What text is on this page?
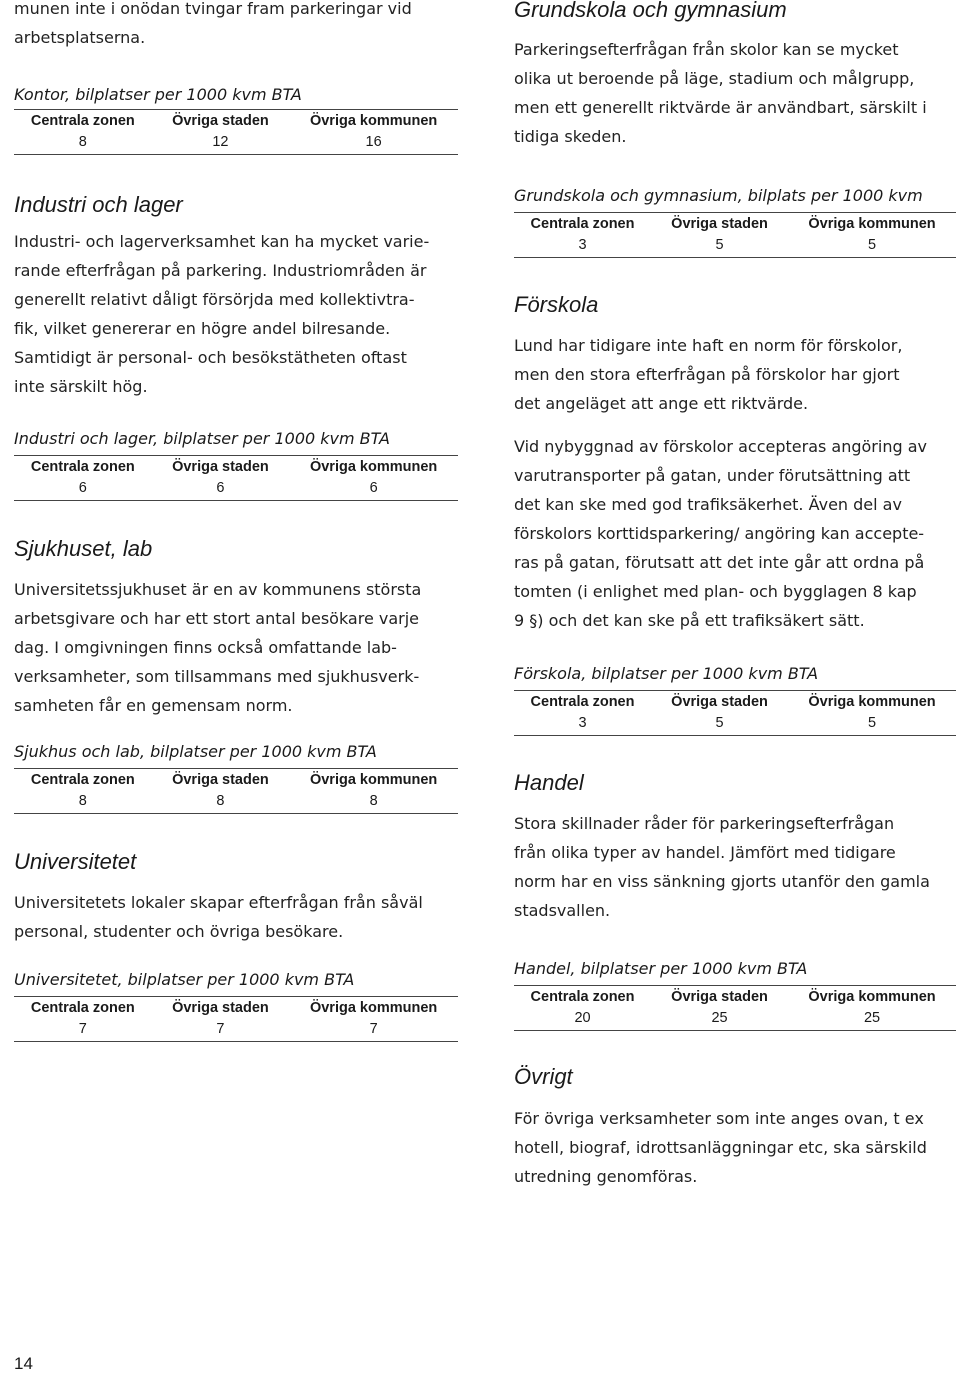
munen inte i onödan tvingar fram parkeringar vid

arbetsplatserna.

Kontor, bilplatser per 1000 kvm BTA

Centrala zonen	Övriga staden	Övriga kommunen
8	12	16
Industri och lager

Industri- och lagerverksamhet kan ha mycket varie-

rande efterfrågan på parkering. Industriområden är

generellt relativt dåligt försörjda med kollektivtra-

fik, vilket genererar en högre andel bilresande.

Samtidigt är personal- och besökstätheten oftast

inte särskilt hög.

Industri och lager, bilplatser per 1000 kvm BTA

Centrala zonen	Övriga staden	Övriga kommunen
6	6	6
Sjukhuset, lab

Universitetssjukhuset är en av kommunens största

arbetsgivare och har ett stort antal besökare varje

dag. I omgivningen finns också omfattande lab-

verksamheter, som tillsammans med sjukhusverk-

samheten får en gemensam norm.

Sjukhus och lab, bilplatser per 1000 kvm BTA

Centrala zonen	Övriga staden	Övriga kommunen
8	8	8
Universitetet

Universitetets lokaler skapar efterfrågan från såväl

personal, studenter och övriga besökare.

Universitetet, bilplatser per 1000 kvm BTA

Centrala zonen	Övriga staden	Övriga kommunen
7	7	7
Grundskola och gymnasium

Parkeringsefterfrågan från skolor kan se mycket

olika ut beroende på läge, stadium och målgrupp,

men ett generellt riktvärde är användbart, särskilt i

tidiga skeden.

Grundskola och gymnasium, bilplats per 1000 kvm

Centrala zonen	Övriga staden	Övriga kommunen
3	5	5
Förskola

Lund har tidigare inte haft en norm för förskolor,

men den stora efterfrågan på förskolor har gjort

det angeläget att ange ett riktvärde.

Vid nybyggnad av förskolor accepteras angöring av

varutransporter på gatan, under förutsättning att

det kan ske med god trafiksäkerhet. Även del av

förskolors korttidsparkering/ angöring kan accepte-

ras på gatan, förutsatt att det inte går att ordna på

tomten (i enlighet med plan- och bygglagen 8 kap

9 §) och det kan ske på ett trafiksäkert sätt.

Förskola, bilplatser per 1000 kvm BTA

Centrala zonen	Övriga staden	Övriga kommunen
3	5	5
Handel

Stora skillnader råder för parkeringsefterfrågan

från olika typer av handel. Jämfört med tidigare

norm har en viss sänkning gjorts utanför den gamla

stadsvallen.

Handel, bilplatser per 1000 kvm BTA

Centrala zonen	Övriga staden	Övriga kommunen
20	25	25
Övrigt

För övriga verksamheter som inte anges ovan, t ex

hotell, biograf, idrottsanläggningar etc, ska särskild

utredning genomföras.

14
